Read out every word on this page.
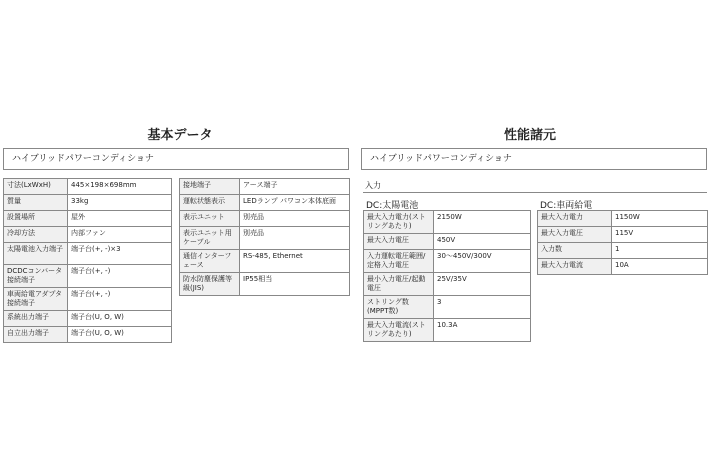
基本データ
ハイブリッドパワーコンディショナ
寸法(LxWxH)	445×198×698mm
質量	33kg
設置場所	屋外
冷却方法	内部ファン
太陽電池入力端子	端子台(+, -)×3
DCDCコンバータ接続端子	端子台(+, -)
車両給電アダプタ接続端子	端子台(+, -)
系統出力端子	端子台(U, O, W)
自立出力端子	端子台(U, O, W)
接地端子	アース端子
運転状態表示	LEDランプ パワコン本体底面
表示ユニット	別売品
表示ユニット用ケーブル	別売品
通信インターフェース	RS-485, Ethernet
防水防塵保護等級(JIS)	IP55相当
性能諸元
ハイブリッドパワーコンディショナ
入力
DC:太陽電池
最大入力電力(ストリングあたり)	2150W
最大入力電圧	450V
入力運転電圧範囲/定格入力電圧	30～450V/300V
最小入力電圧/起動電圧	25V/35V
ストリング数(MPPT数)	3
最大入力電流(ストリングあたり)	10.3A
DC:車両給電
最大入力電力	1150W
最大入力電圧	115V
入力数	1
最大入力電流	10A
